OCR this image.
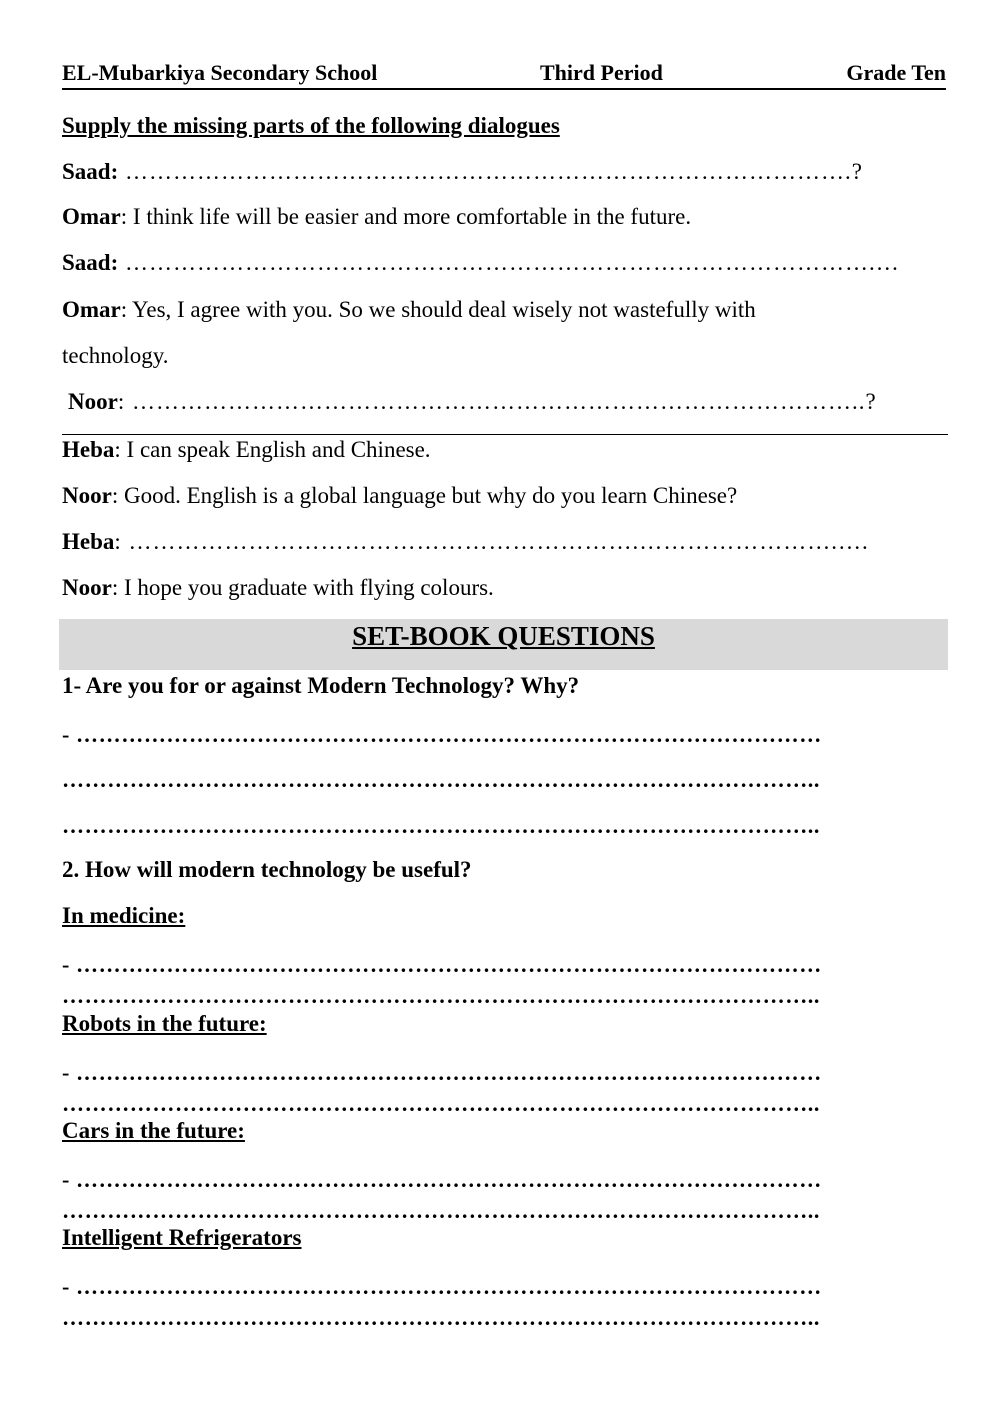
EL-Mubarkiya Secondary School	Third Period	Grade Ten
Supply the missing parts of the following dialogues
Saad: ……………………………………………………………………………….?
Omar: I think life will be easier and more comfortable in the future.
Saad: ………………………………………………………………………………….…
Omar: Yes, I agree with you. So we should deal wisely not wastefully with
technology.
Noor: ………………………………………………………………………………..?
Heba: I can speak English and Chinese.
Noor: Good. English is a global language but why do you learn Chinese?
Heba: ……………………………………………………….…………………….….
Noor: I hope you graduate with flying colours.
SET-BOOK QUESTIONS
1- Are you for or against Modern Technology? Why?
- ………………………………………………………………………………………
………………………………………………………………………………………..
………………………………………………………………………………………..
2. How will modern technology be useful?
In medicine:
- ………………………………………………………………………………………
………………………………………………………………………………………..
Robots in the future:
- ………………………………………………………………………………………
………………………………………………………………………………………..
Cars in the future:
- ………………………………………………………………………………………
………………………………………………………………………………………..
Intelligent Refrigerators
- ………………………………………………………………………………………
………………………………………………………………………………………..
